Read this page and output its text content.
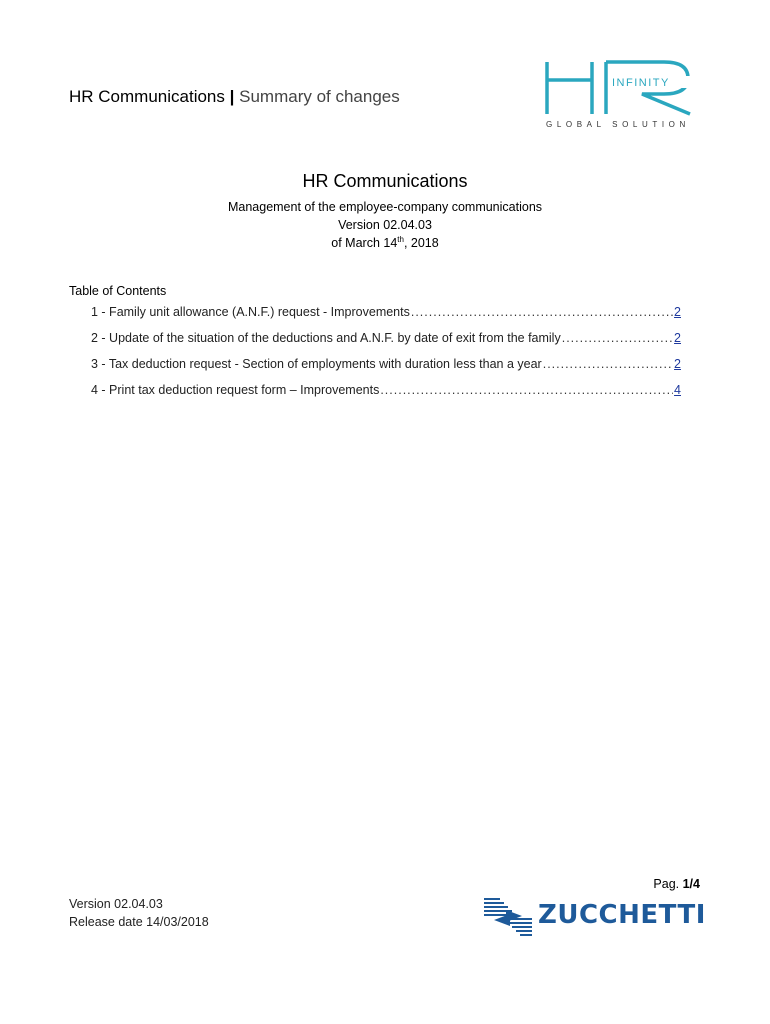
HR Communications | Summary of changes
INFINITY
GLOBAL SOLUTION
HR Communications
Management of the employee-company communications
Version 02.04.03
of March 14th, 2018
Table of Contents
1 - Family unit allowance (A.N.F.) request - Improvements .....	2
2 - Update of the situation of the deductions and A.N.F. by date of exit from the family .....	2
3 - Tax deduction request - Section of employments with duration less than a year .....	2
4 - Print tax deduction request form – Improvements .....	4
Pag. 1/4
Version 02.04.03
Release date 14/03/2018	ZUCCHETTI
